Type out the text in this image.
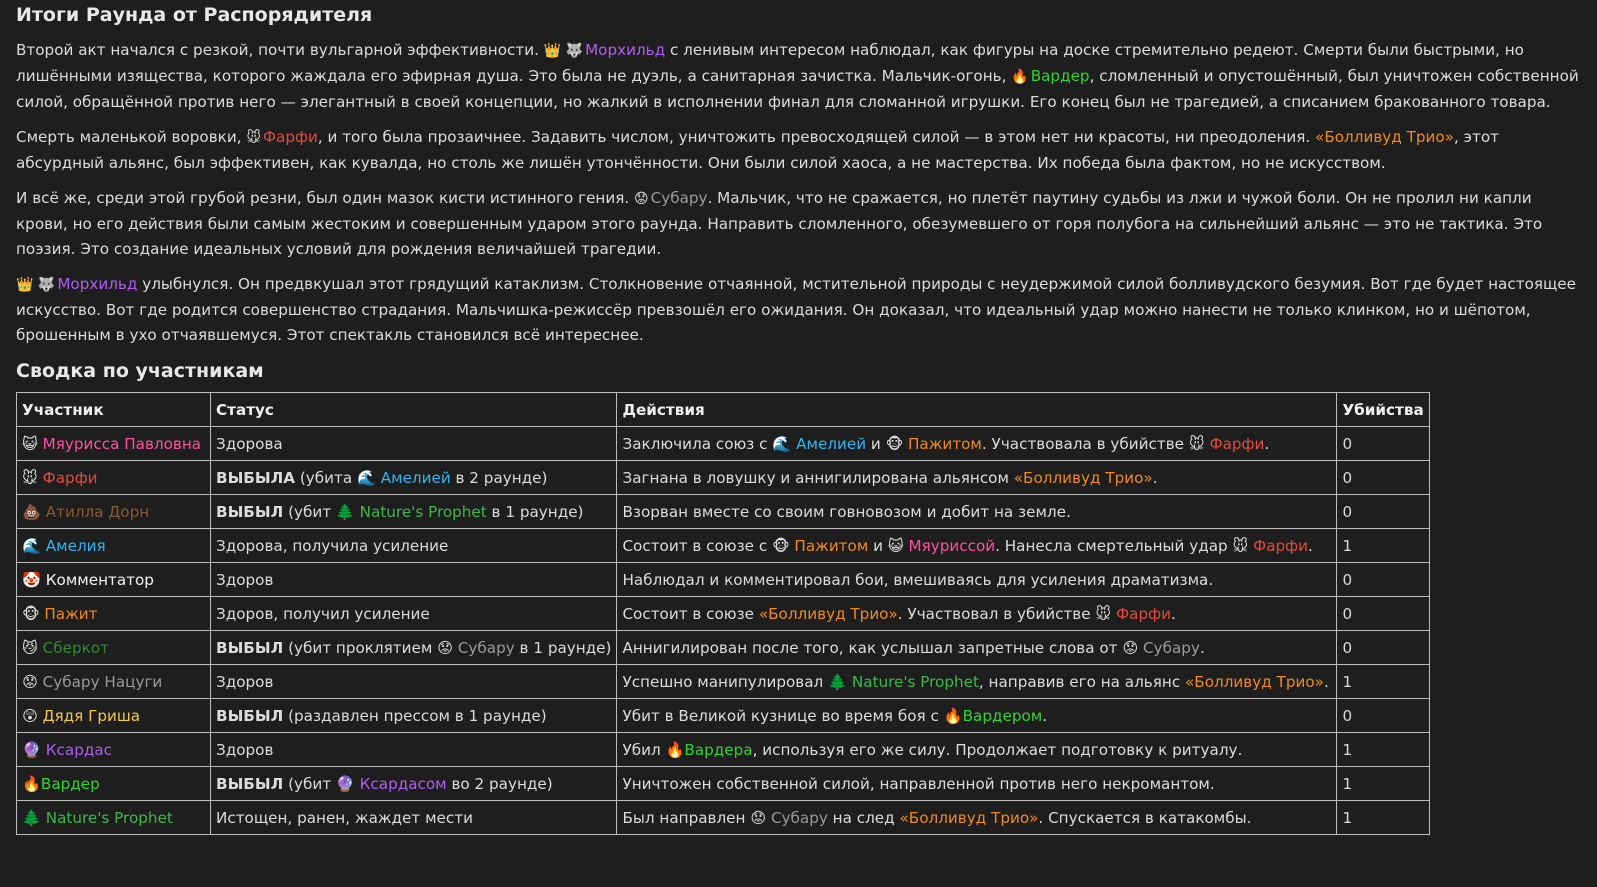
Итоги Раунда от Распорядителя

Второй акт начался с резкой, почти вульгарной эффективности. 👑 🐺 Морхильд с ленивым интересом наблюдал, как фигуры на доске стремительно редеют. Смерти были быстрыми, но лишёнными изящества, которого жаждала его эфирная душа. Это была не дуэль, а санитарная зачистка. Мальчик-огонь, 🔥 Вардер, сломленный и опустошённый, был уничтожен собственной силой, обращённой против него — элегантный в своей концепции, но жалкий в исполнении финал для сломанной игрушки. Его конец был не трагедией, а списанием бракованного товара.

Смерть маленькой воровки, 🐭 Фарфи, и того была прозаичнее. Задавить числом, уничтожить превосходящей силой — в этом нет ни красоты, ни преодоления. «Болливуд Трио», этот абсурдный альянс, был эффективен, как кувалда, но столь же лишён утончённости. Они были силой хаоса, а не мастерства. Их победа была фактом, но не искусством.

И всё же, среди этой грубой резни, был один мазок кисти истинного гения. 😟 Субару. Мальчик, что не сражается, но плетёт паутину судьбы из лжи и чужой боли. Он не пролил ни капли крови, но его действия были самым жестоким и совершенным ударом этого раунда. Направить сломленного, обезумевшего от горя полубога на сильнейший альянс — это не тактика. Это поэзия. Это создание идеальных условий для рождения величайшей трагедии.

👑 🐺 Морхильд улыбнулся. Он предвкушал этот грядущий катаклизм. Столкновение отчаянной, мстительной природы с неудержимой силой болливудского безумия. Вот где будет настоящее искусство. Вот где родится совершенство страдания. Мальчишка-режиссёр превзошёл его ожидания. Он доказал, что идеальный удар можно нанести не только клинком, но и шёпотом, брошенным в ухо отчаявшемуся. Этот спектакль становился всё интереснее.

Сводка по участникам
Участник	Статус	Действия	Убийства
😺 Мяурисса Павловна	Здорова	Заключила союз с 🌊 Амелией и 🐵 Пажитом. Участвовала в убийстве 🐭 Фарфи.	0
🐭 Фарфи	ВЫБЫЛА (убита 🌊 Амелией в 2 раунде)	Загнана в ловушку и аннигилирована альянсом «Болливуд Трио».	0
💩 Атилла Дорн	ВЫБЫЛ (убит 🌲 Nature's Prophet в 1 раунде)	Взорван вместе со своим говновозом и добит на земле.	0
🌊 Амелия	Здорова, получила усиление	Состоит в союзе с 🐵 Пажитом и 😺 Мяуриссой. Нанесла смертельный удар 🐭 Фарфи.	1
🤡 Комментатор	Здоров	Наблюдал и комментировал бои, вмешиваясь для усиления драматизма.	0
🐵 Пажит	Здоров, получил усиление	Состоит в союзе «Болливуд Трио». Участвовал в убийстве 🐭 Фарфи.	0
😼 Сберкот	ВЫБЫЛ (убит проклятием 😟 Субару в 1 раунде)	Аннигилирован после того, как услышал запретные слова от 😟 Субару.	0
😟 Субару Нацуги	Здоров	Успешно манипулировал 🌲 Nature's Prophet, направив его на альянс «Болливуд Трио».	1
😲 Дядя Гриша	ВЫБЫЛ (раздавлен прессом в 1 раунде)	Убит в Великой кузнице во время боя с 🔥Вардером.	0
🔮 Ксардас	Здоров	Убил 🔥Вардера, используя его же силу. Продолжает подготовку к ритуалу.	1
🔥Вардер	ВЫБЫЛ (убит 🔮 Ксардасом во 2 раунде)	Уничтожен собственной силой, направленной против него некромантом.	1
🌲 Nature's Prophet	Истощен, ранен, жаждет мести	Был направлен 😟 Субару на след «Болливуд Трио». Спускается в катакомбы.	1
